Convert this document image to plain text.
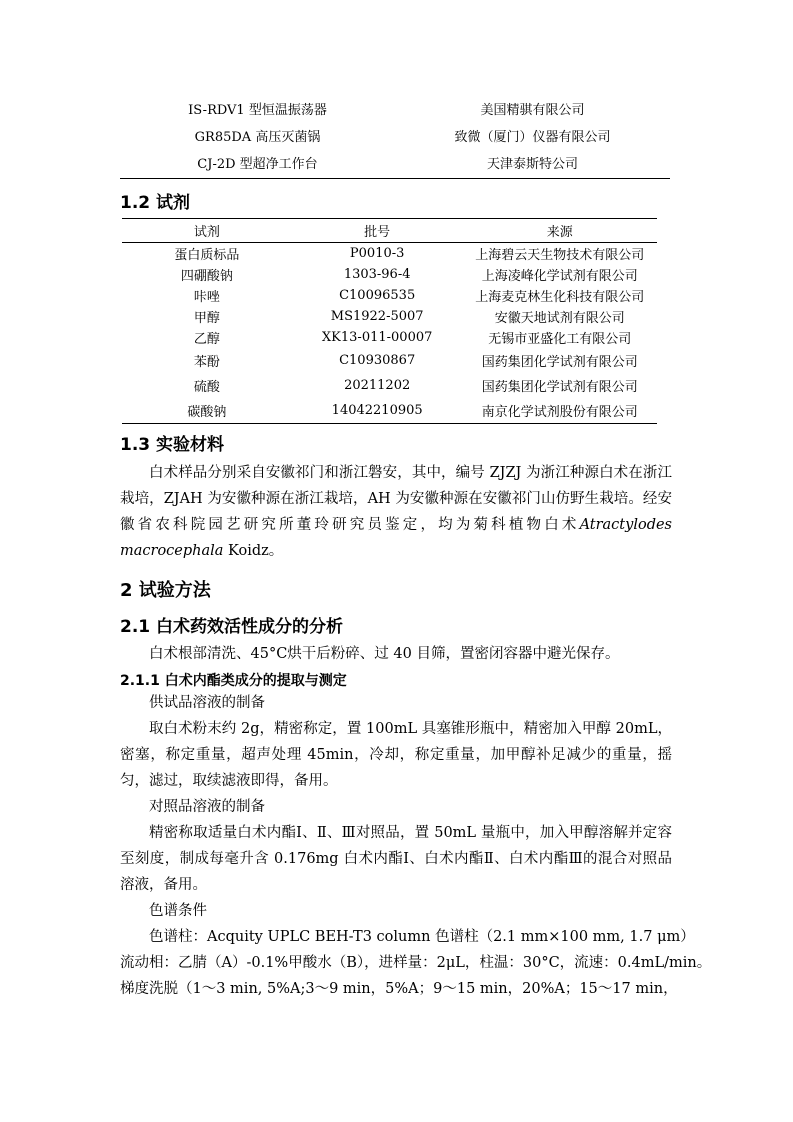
IS-RDV1 型恒温振荡器	美国精骐有限公司
GR85DA 高压灭菌锅	致微（厦门）仪器有限公司
CJ-2D 型超净工作台	天津泰斯特公司
1.2 试剂
试剂	批号	来源
蛋白质标品	P0010-3	上海碧云天生物技术有限公司
四硼酸钠	1303-96-4	上海凌峰化学试剂有限公司
咔唑	C10096535	上海麦克林生化科技有限公司
甲醇	MS1922-5007	安徽天地试剂有限公司
乙醇	XK13-011-00007	无锡市亚盛化工有限公司
苯酚	C10930867	国药集团化学试剂有限公司
硫酸	20211202	国药集团化学试剂有限公司
碳酸钠	14042210905	南京化学试剂股份有限公司
1.3 实验材料

白术样品分别采自安徽祁门和浙江磐安，其中，编号 ZJZJ 为浙江种源白术在浙江栽培，ZJAH 为安徽种源在浙江栽培，AH 为安徽种源在安徽祁门山仿野生栽培。经安徽省农科院园艺研究所董玲研究员鉴定，均为菊科植物白术Atractylodes macrocephala Koidz。

2 试验方法
2.1 白术药效活性成分的分析

白术根部清洗、45°C烘干后粉碎、过 40 目筛，置密闭容器中避光保存。

2.1.1 白术内酯类成分的提取与测定

供试品溶液的制备

取白术粉末约 2g，精密称定，置 100mL 具塞锥形瓶中，精密加入甲醇 20mL，密塞，称定重量，超声处理 45min，冷却，称定重量，加甲醇补足减少的重量，摇匀，滤过，取续滤液即得，备用。

对照品溶液的制备

精密称取适量白术内酯Ⅰ、Ⅱ、Ⅲ对照品，置 50mL 量瓶中，加入甲醇溶解并定容至刻度，制成每毫升含 0.176mg 白术内酯Ⅰ、白术内酯Ⅱ、白术内酯Ⅲ的混合对照品溶液，备用。

色谱条件

色谱柱：Acquity UPLC BEH-T3 column 色谱柱（2.1 mm×100 mm, 1.7 μm）

流动相：乙腈（A）-0.1%甲酸水（B），进样量：2μL，柱温：30°C，流速：0.4mL/min。

梯度洗脱（1～3 min, 5%A;3～9 min，5%A；9～15 min，20%A；15～17 min，
